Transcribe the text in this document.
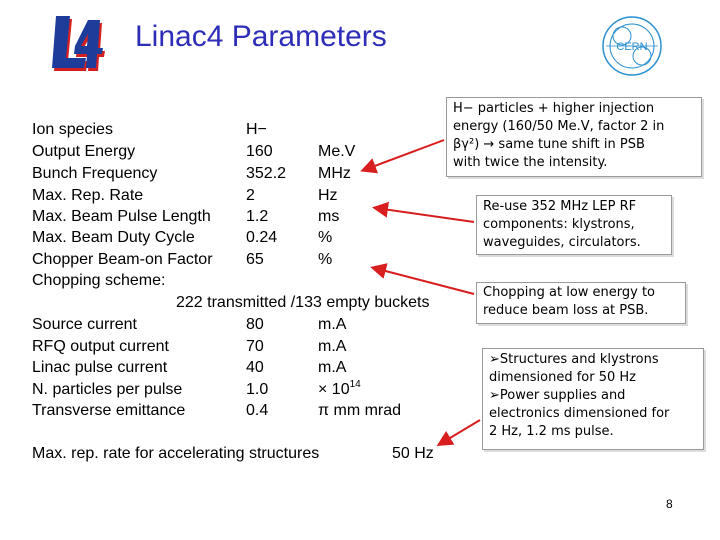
Linac4 Parameters	CERN
Ion species	H−
Output Energy	160	Me.V
Bunch Frequency	352.2 MHz
Max. Rep. Rate	2	Hz
Max. Beam Pulse Length 1.2	ms
Max. Beam Duty Cycle	0.24	%
Chopper Beam-on Factor 65	%
Chopping scheme:
222 transmitted /133 empty buckets
Source current	80	m.A
RFQ output current	70	m.A
Linac pulse current	40	m.A
N. particles per pulse	1.0	× $10^{14}$
Transverse emittance	0.4	π mm mrad
Max. rep. rate for accelerating structures	50 Hz
H− particles + higher injection
energy (160/50 Me.V, factor 2 in
βγ²) → same tune shift in PSB
with twice the intensity.
Re-use 352 MHz LEP RF
components: klystrons,
waveguides, circulators.
Chopping at low energy to
reduce beam loss at PSB.
➢Structures and klystrons
dimensioned for 50 Hz
➢Power supplies and
electronics dimensioned for
2 Hz, 1.2 ms pulse.
8
